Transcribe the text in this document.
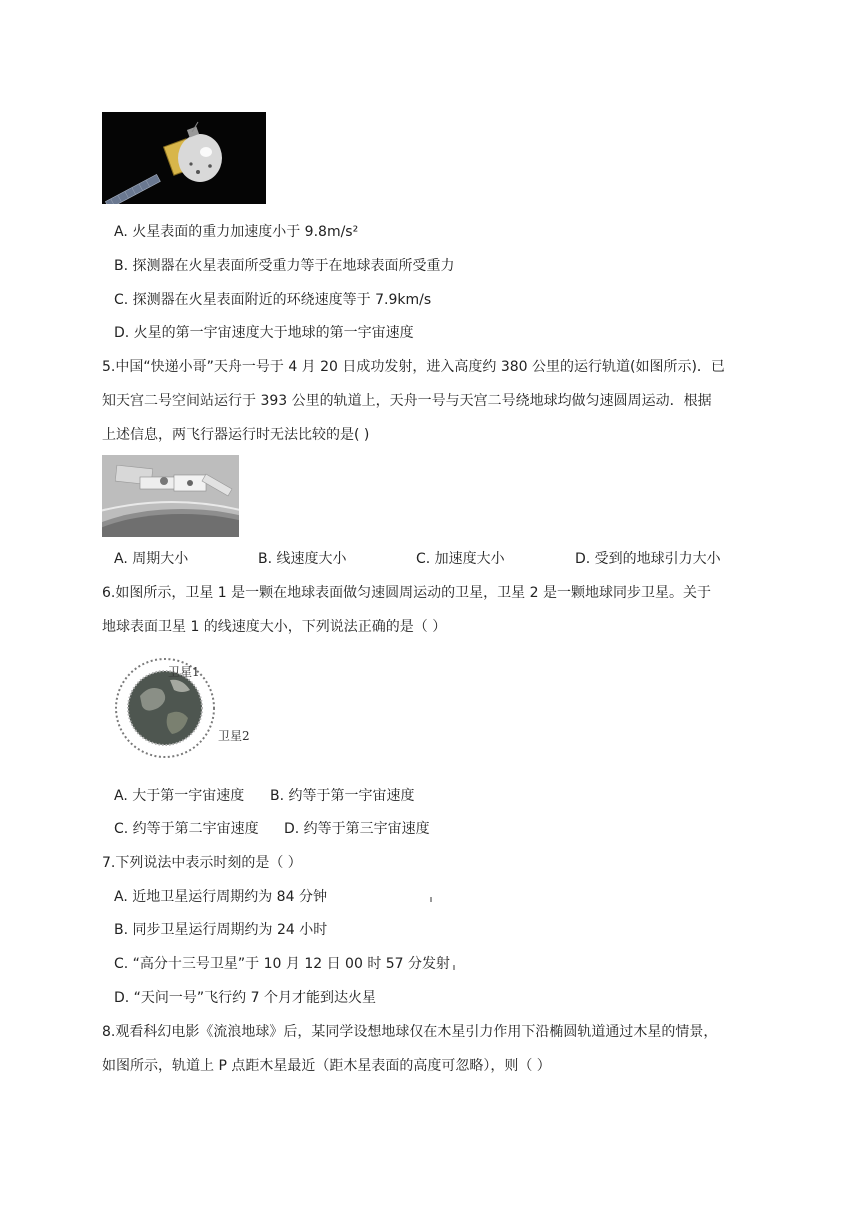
A. 火星表面的重力加速度小于 9.8m/s²
B. 探测器在火星表面所受重力等于在地球表面所受重力
C. 探测器在火星表面附近的环绕速度等于 7.9km/s
D. 火星的第一宇宙速度大于地球的第一宇宙速度
5.中国“快递小哥”天舟一号于 4 月 20 日成功发射，进入高度约 380 公里的运行轨道(如图所示)．已
知天宫二号空间站运行于 393 公里的轨道上，天舟一号与天宫二号绕地球均做匀速圆周运动．根据
上述信息，两飞行器运行时无法比较的是( )
A. 周期大小	B. 线速度大小	C. 加速度大小	D. 受到的地球引力大小
6.如图所示，卫星 1 是一颗在地球表面做匀速圆周运动的卫星，卫星 2 是一颗地球同步卫星。关于
地球表面卫星 1 的线速度大小，下列说法正确的是（ ）
卫星1
卫星2
A. 大于第一宇宙速度 B. 约等于第一宇宙速度
C. 约等于第二宇宙速度 D. 约等于第三宇宙速度
7.下列说法中表示时刻的是（ ）
A. 近地卫星运行周期约为 84 分钟
B. 同步卫星运行周期约为 24 小时
C. “高分十三号卫星”于 10 月 12 日 00 时 57 分发射
D. “天问一号”飞行约 7 个月才能到达火星
8.观看科幻电影《流浪地球》后，某同学设想地球仅在木星引力作用下沿椭圆轨道通过木星的情景，
如图所示，轨道上 P 点距木星最近（距木星表面的高度可忽略），则（ ）
